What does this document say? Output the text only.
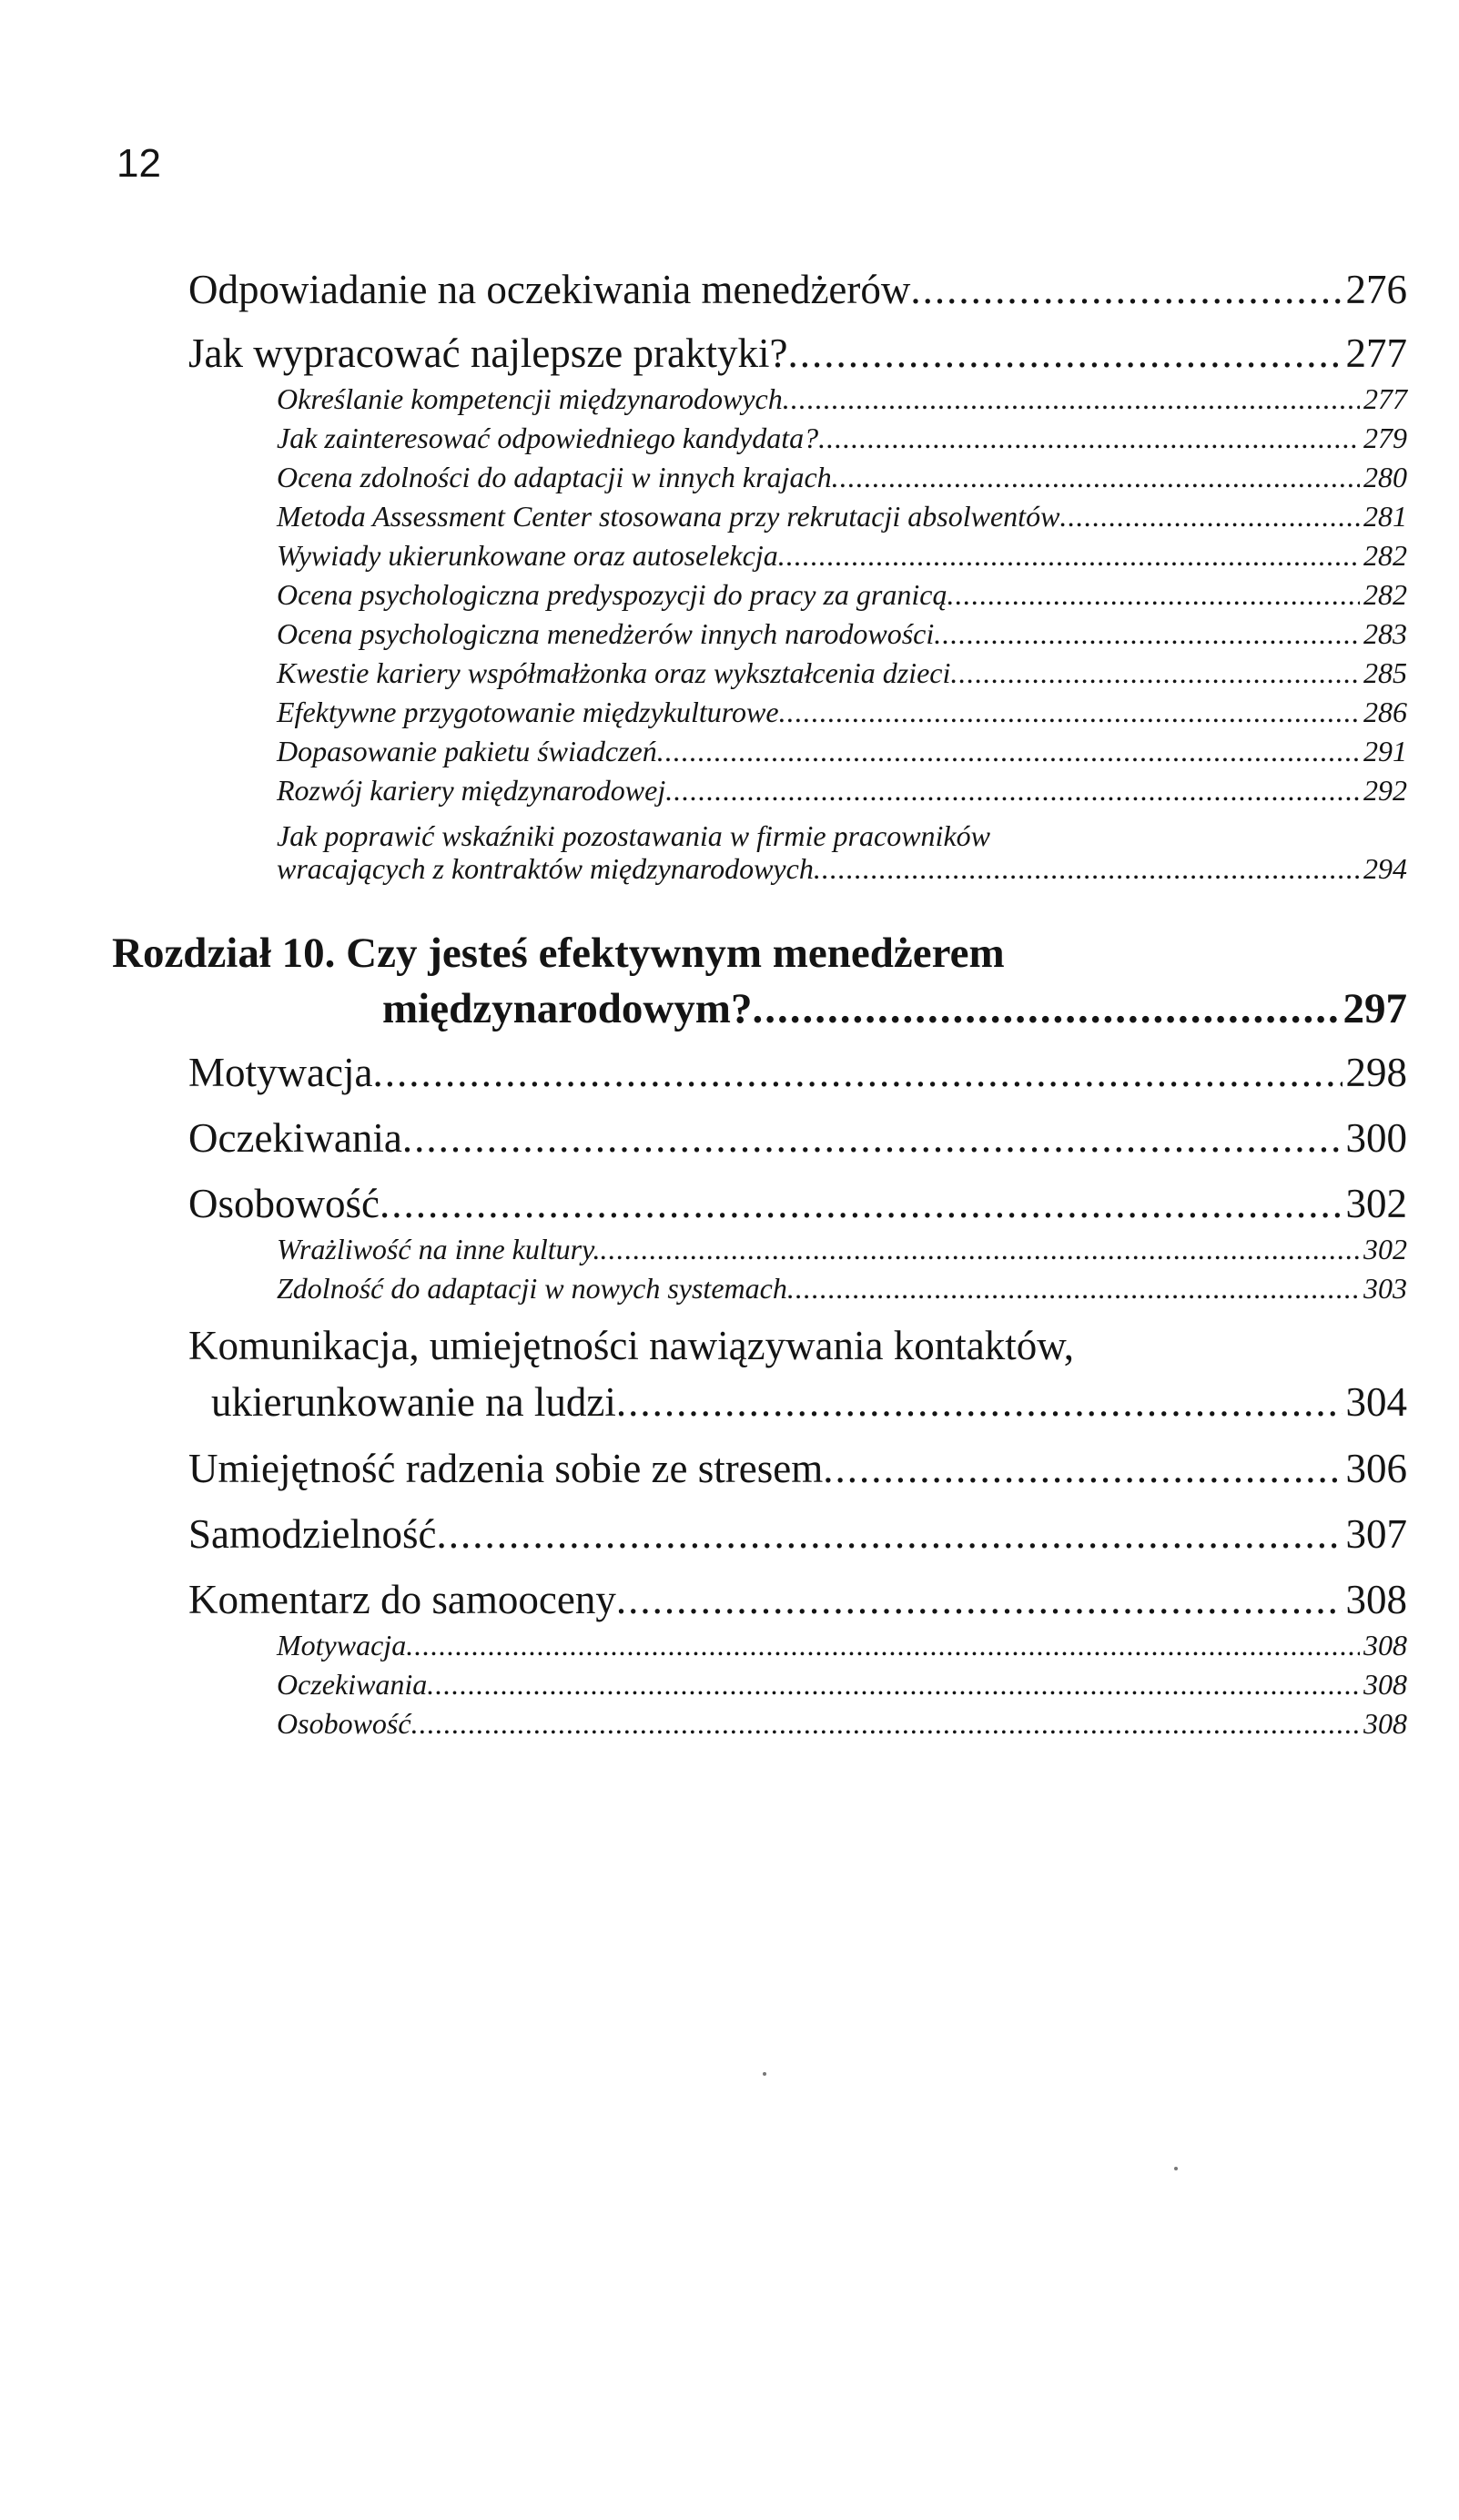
12
Odpowiadanie na oczekiwania menedżerów .....	276
Jak wypracować najlepsze praktyki? .....	277
Określanie kompetencji międzynarodowych .....	277
Jak zainteresować odpowiedniego kandydata? .....	279
Ocena zdolności do adaptacji w innych krajach .....	280
Metoda Assessment Center stosowana przy rekrutacji absolwentów .....	281
Wywiady ukierunkowane oraz autoselekcja .....	282
Ocena psychologiczna predyspozycji do pracy za granicą .....	282
Ocena psychologiczna menedżerów innych narodowości .....	283
Kwestie kariery współmałżonka oraz wykształcenia dzieci .....	285
Efektywne przygotowanie międzykulturowe .....	286
Dopasowanie pakietu świadczeń .....	291
Rozwój kariery międzynarodowej .....	292
Jak poprawić wskaźniki pozostawania w firmie pracowników
wracających z kontraktów międzynarodowych .....	294
Rozdział 10. Czy jesteś efektywnym menedżerem
międzynarodowym? .....	297
Motywacja .....	298
Oczekiwania .....	300
Osobowość .....	302
Wrażliwość na inne kultury. .....	302
Zdolność do adaptacji w nowych systemach .....	303
Komunikacja, umiejętności nawiązywania kontaktów,
ukierunkowanie na ludzi .....	304
Umiejętność radzenia sobie ze stresem .....	306
Samodzielność .....	307
Komentarz do samooceny .....	308
Motywacja .....	308
Oczekiwania .....	308
Osobowość .....	308
